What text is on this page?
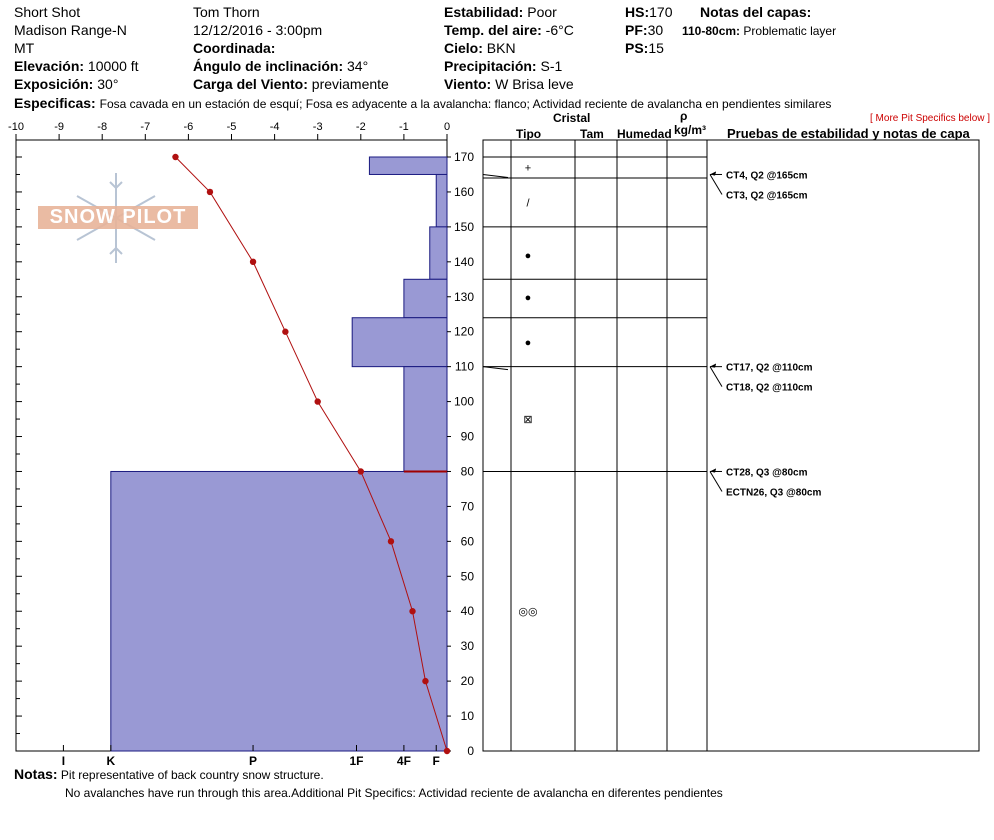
Short Shot
Madison Range-N
MT
Elevación: 10000 ft
Exposición: 30°
Tom Thorn
12/12/2016 - 3:00pm
Coordinada:
Ángulo de inclinación: 34°
Carga del Viento: previamente
Estabilidad: Poor
Temp. del aire: -6°C
Cielo: BKN
Precipitación: S-1
Viento: W Brisa leve
HS:170
PF:30
PS:15
Notas del capas:
110-80cm: Problematic layer
Especificas: Fosa cavada en un estación de esquí; Fosa es adyacente a la avalancha: flanco; Actividad reciente de avalancha en pendientes similares
[ More Pit Specifics below ]
Cristal
Tipo	Tam Humedad
ρ
kg/m³ Pruebas de estabilidad y notas de capa
SNOW PILOT
-10	-9	-8	-7	-6	-5	-4	-3	-2	-1	0
0
10
20
30
40
50
60
70
80
90
100
110
120
130
140
150
160
170
I	K	P	1F	4F F
+
/
●
●
●
⊠
◎◎
CT28, Q3 @80cm
ECTN26, Q3 @80cm
CT17, Q2 @110cm
CT18, Q2 @110cm
CT4, Q2 @165cm
CT3, Q2 @165cm
Notas: Pit representative of back country snow structure.
No avalanches have run through this area.Additional Pit Specifics: Actividad reciente de avalancha en diferentes pendientes
